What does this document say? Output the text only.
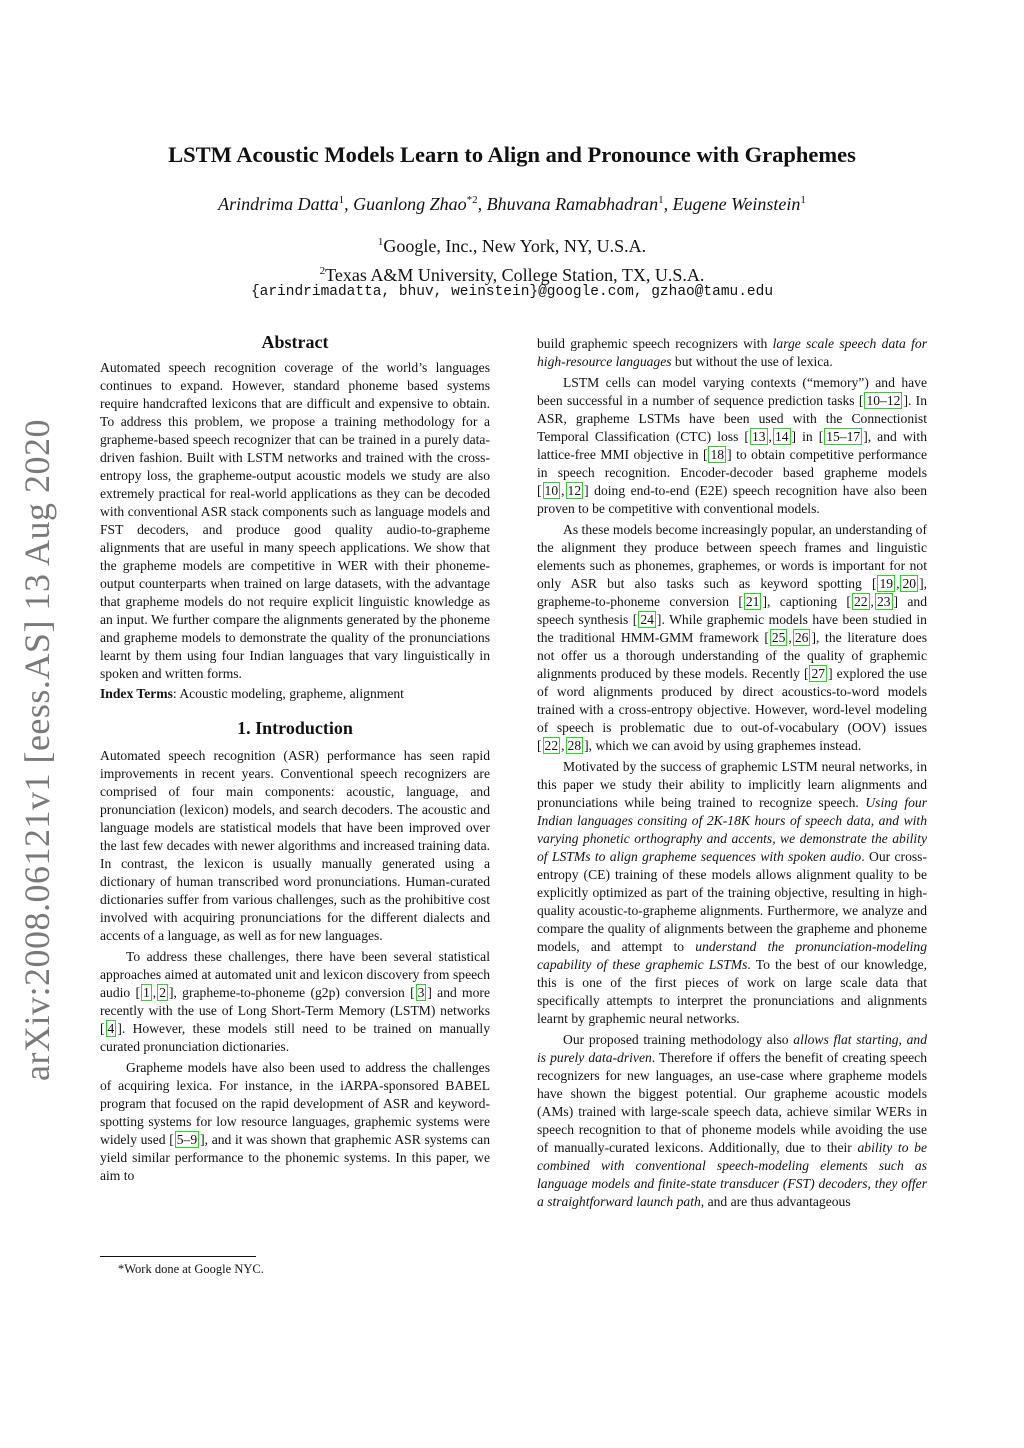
arXiv:2008.06121v1 [eess.AS] 13 Aug 2020
LSTM Acoustic Models Learn to Align and Pronounce with Graphemes
Arindrima Datta$^1$, Guanlong Zhao$^{*2}$, Bhuvana Ramabhadran$^1$, Eugene Weinstein$^1$
$^1$Google, Inc., New York, NY, U.S.A.
$^2$Texas A&M University, College Station, TX, U.S.A.
{arindrimadatta, bhuv, weinstein}@google.com, gzhao@tamu.edu
Abstract

Automated speech recognition coverage of the world’s languages continues to expand. However, standard phoneme based systems require handcrafted lexicons that are difficult and expensive to obtain. To address this problem, we propose a training methodology for a grapheme-based speech recognizer that can be trained in a purely data-driven fashion. Built with LSTM networks and trained with the cross-entropy loss, the grapheme-output acoustic models we study are also extremely practical for real-world applications as they can be decoded with conventional ASR stack components such as language models and FST decoders, and produce good quality audio-to-grapheme alignments that are useful in many speech applications. We show that the grapheme models are competitive in WER with their phoneme-output counterparts when trained on large datasets, with the advantage that grapheme models do not require explicit linguistic knowledge as an input. We further compare the alignments generated by the phoneme and grapheme models to demonstrate the quality of the pronunciations learnt by them using four Indian languages that vary linguistically in spoken and written forms.

Index Terms: Acoustic modeling, grapheme, alignment

1. Introduction

Automated speech recognition (ASR) performance has seen rapid improvements in recent years. Conventional speech recognizers are comprised of four main components: acoustic, language, and pronunciation (lexicon) models, and search decoders. The acoustic and language models are statistical models that have been improved over the last few decades with newer algorithms and increased training data. In contrast, the lexicon is usually manually generated using a dictionary of human transcribed word pronunciations. Human-curated dictionaries suffer from various challenges, such as the prohibitive cost involved with acquiring pronunciations for the different dialects and accents of a language, as well as for new languages.

To address these challenges, there have been several statistical approaches aimed at automated unit and lexicon discovery from speech audio [ 1 , 2 ], grapheme-to-phoneme (g2p) conversion [ 3 ] and more recently with the use of Long Short-Term Memory (LSTM) networks [ 4 ]. However, these models still need to be trained on manually curated pronunciation dictionaries.

Grapheme models have also been used to address the challenges of acquiring lexica. For instance, in the iARPA-sponsored BABEL program that focused on the rapid development of ASR and keyword-spotting systems for low resource languages, graphemic systems were widely used [ 5–9 ], and it was shown that graphemic ASR systems can yield similar performance to the phonemic systems. In this paper, we aim to

build graphemic speech recognizers with large scale speech data for high-resource languages but without the use of lexica.

LSTM cells can model varying contexts (“memory”) and have been successful in a number of sequence prediction tasks [ 10–12 ]. In ASR, grapheme LSTMs have been used with the Connectionist Temporal Classification (CTC) loss [ 13 , 14 ] in [ 15–17 ], and with lattice-free MMI objective in [ 18 ] to obtain competitive performance in speech recognition. Encoder-decoder based grapheme models [ 10 , 12 ] doing end-to-end (E2E) speech recognition have also been proven to be competitive with conventional models.

As these models become increasingly popular, an understanding of the alignment they produce between speech frames and linguistic elements such as phonemes, graphemes, or words is important for not only ASR but also tasks such as keyword spotting [ 19 , 20 ], grapheme-to-phoneme conversion [ 21 ], captioning [ 22 , 23 ] and speech synthesis [ 24 ]. While graphemic models have been studied in the traditional HMM-GMM framework [ 25 , 26 ], the literature does not offer us a thorough understanding of the quality of graphemic alignments produced by these models. Recently [ 27 ] explored the use of word alignments produced by direct acoustics-to-word models trained with a cross-entropy objective. However, word-level modeling of speech is problematic due to out-of-vocabulary (OOV) issues [ 22 , 28 ], which we can avoid by using graphemes instead.

Motivated by the success of graphemic LSTM neural networks, in this paper we study their ability to implicitly learn alignments and pronunciations while being trained to recognize speech. Using four Indian languages consiting of 2K-18K hours of speech data, and with varying phonetic orthography and accents, we demonstrate the ability of LSTMs to align grapheme sequences with spoken audio. Our cross-entropy (CE) training of these models allows alignment quality to be explicitly optimized as part of the training objective, resulting in high-quality acoustic-to-grapheme alignments. Furthermore, we analyze and compare the quality of alignments between the grapheme and phoneme models, and attempt to understand the pronunciation-modeling capability of these graphemic LSTMs. To the best of our knowledge, this is one of the first pieces of work on large scale data that specifically attempts to interpret the pronunciations and alignments learnt by graphemic neural networks.

Our proposed training methodology also allows flat starting, and is purely data-driven. Therefore if offers the benefit of creating speech recognizers for new languages, an use-case where grapheme models have shown the biggest potential. Our grapheme acoustic models (AMs) trained with large-scale speech data, achieve similar WERs in speech recognition to that of phoneme models while avoiding the use of manually-curated lexicons. Additionally, due to their ability to be combined with conventional speech-modeling elements such as language models and finite-state transducer (FST) decoders, they offer a straightforward launch path, and are thus advantageous

*Work done at Google NYC.
